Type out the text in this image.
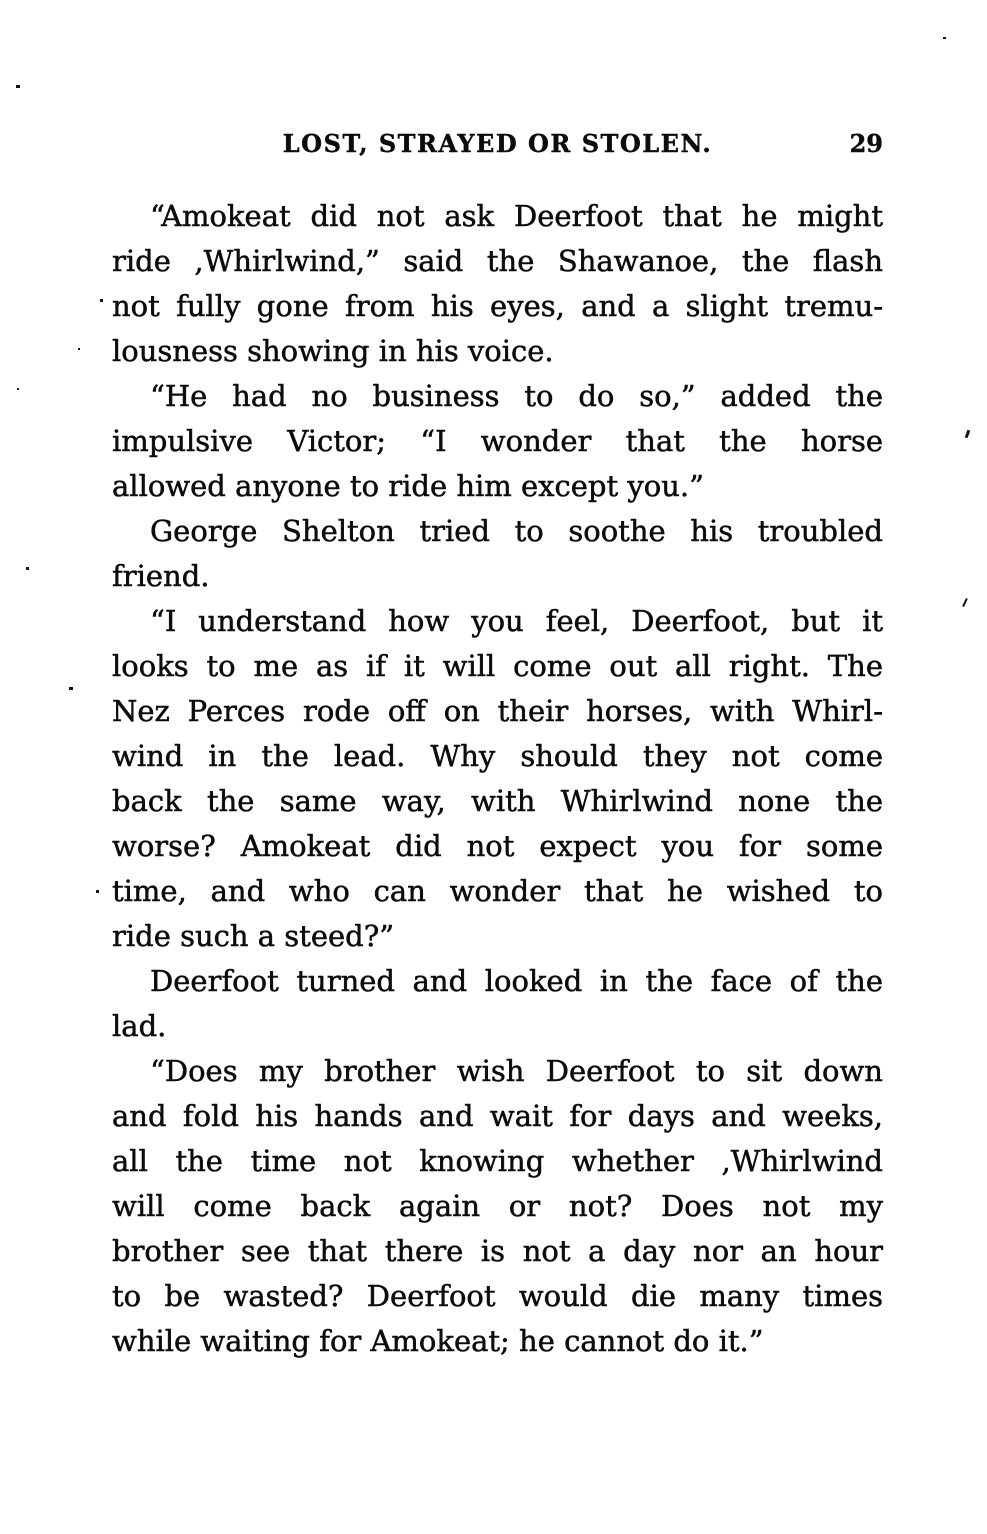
LOST, STRAYED OR STOLEN.	29

“Amokeat did not ask Deerfoot that he might
ride ,Whirlwind,” said the Shawanoe, the flash
not fully gone from his eyes, and a slight tremu-
lousness showing in his voice.

“He had no business to do so,” added the
impulsive Victor; “I wonder that the horse
allowed anyone to ride him except you.”

George Shelton tried to soothe his troubled
friend.

“I understand how you feel, Deerfoot, but it
looks to me as if it will come out all right. The
Nez Perces rode off on their horses, with Whirl-
wind in the lead. Why should they not come
back the same way, with Whirlwind none the
worse? Amokeat did not expect you for some
time, and who can wonder that he wished to
ride such a steed?”

Deerfoot turned and looked in the face of the
lad.

“Does my brother wish Deerfoot to sit down
and fold his hands and wait for days and weeks,
all the time not knowing whether ,Whirlwind
will come back again or not? Does not my
brother see that there is not a day nor an hour
to be wasted? Deerfoot would die many times
while waiting for Amokeat; he cannot do it.”
